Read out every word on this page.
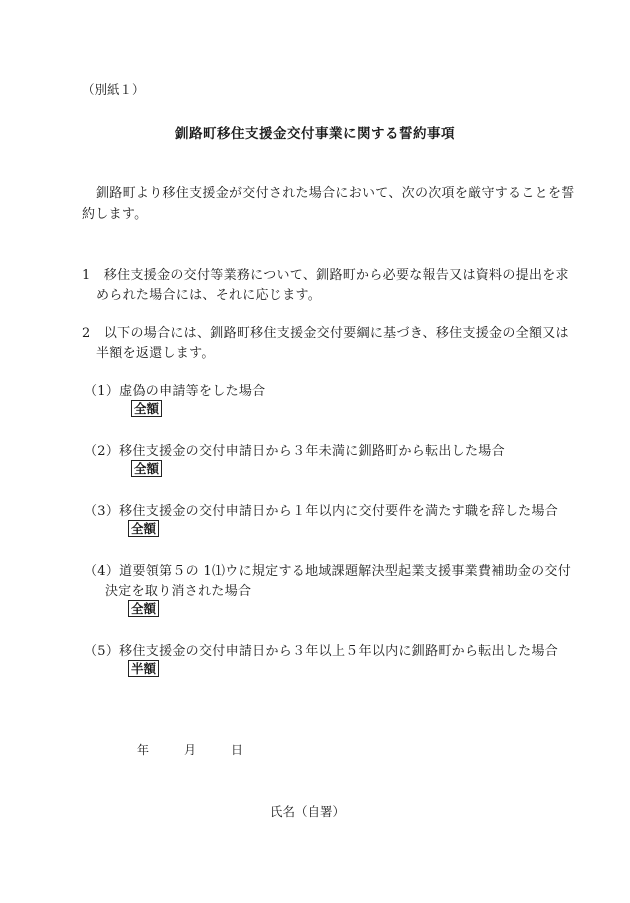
（別紙１）
釧路町移住支援金交付事業に関する誓約事項
釧路町より移住支援金が交付された場合において、次の次項を厳守することを誓
約します。
1　移住支援金の交付等業務について、釧路町から必要な報告又は資料の提出を求
められた場合には、それに応じます。
2　以下の場合には、釧路町移住支援金交付要綱に基づき、移住支援金の全額又は
半額を返還します。
（1）虚偽の申請等をした場合
全額
（2）移住支援金の交付申請日から３年未満に釧路町から転出した場合
全額
（3）移住支援金の交付申請日から１年以内に交付要件を満たす職を辞した場合
全額
（4）道要領第５の 1⑴ウに規定する地域課題解決型起業支援事業費補助金の交付
決定を取り消された場合
全額
（5）移住支援金の交付申請日から３年以上５年以内に釧路町から転出した場合
半額
年	月	日
氏名（自署）
